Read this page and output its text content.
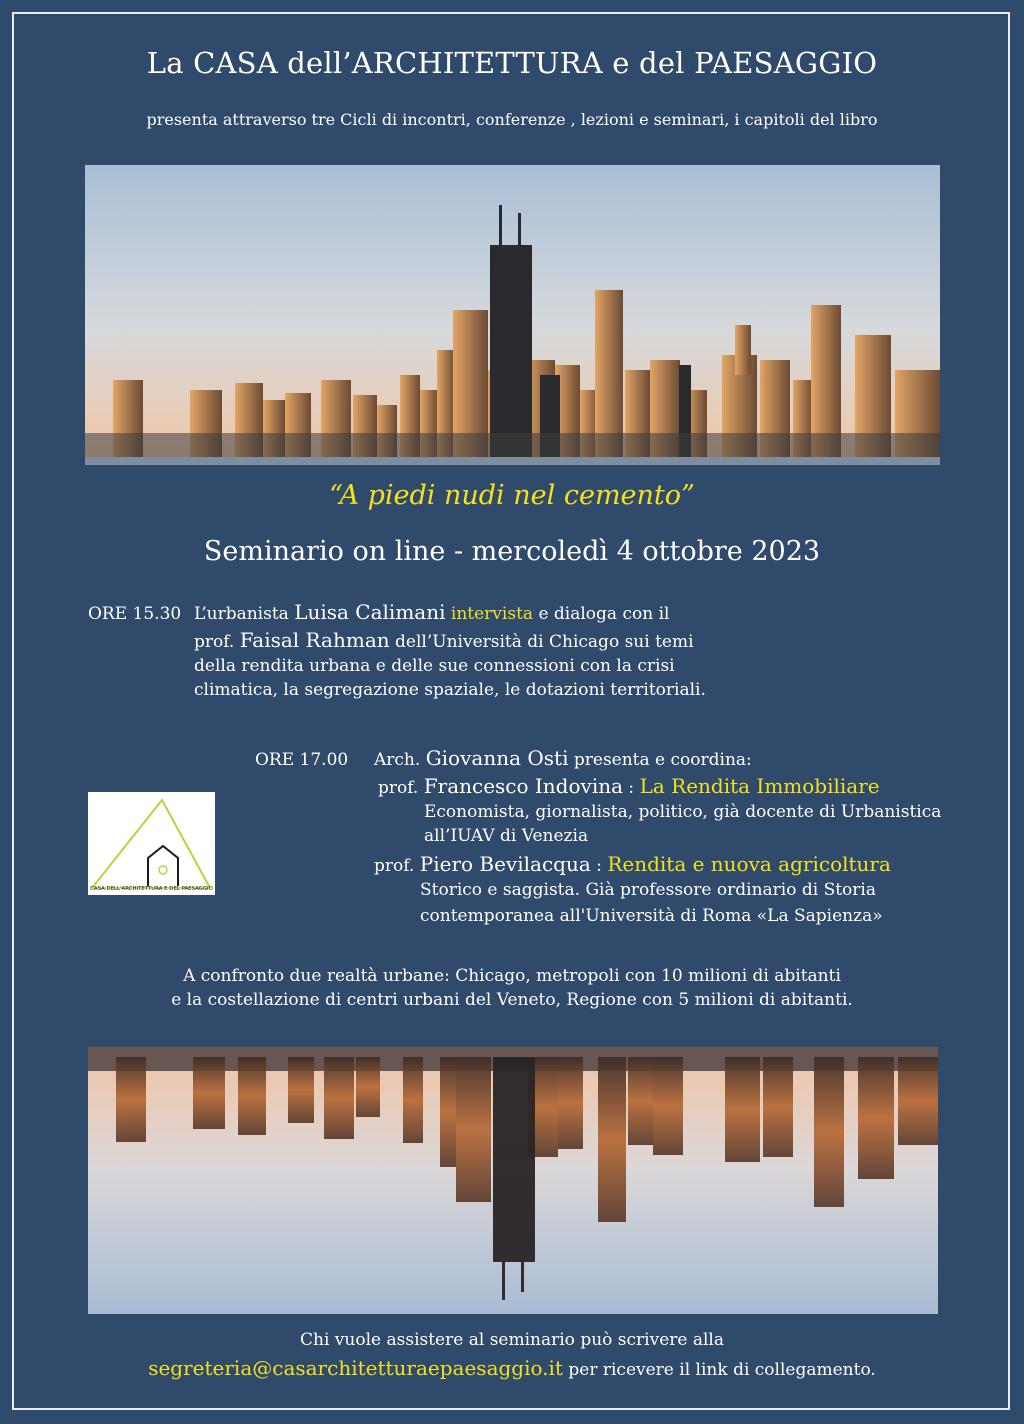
La CASA dell’ARCHITETTURA e del PAESAGGIO
presenta attraverso tre Cicli di incontri, conferenze , lezioni e seminari, i capitoli del libro
“A piedi nudi nel cemento”
Seminario on line - mercoledì 4 ottobre 2023
ORE 15.30 L’urbanista Luisa Calimani intervista e dialoga con il
prof. Faisal Rahman dell’Università di Chicago sui temi
della rendita urbana e delle sue connessioni con la crisi
climatica, la segregazione spaziale, le dotazioni territoriali.
ORE 17.00 Arch. Giovanna Osti presenta e coordina:
prof. Francesco Indovina : La Rendita Immobiliare
Economista, giornalista, politico, già docente di Urbanistica
all’IUAV di Venezia
prof. Piero Bevilacqua : Rendita e nuova agricoltura
Storico e saggista. Già professore ordinario di Storia
contemporanea all'Università di Roma «La Sapienza»
CASA DELL'ARCHITETTURA E DEL PAESAGGIO
A confronto due realtà urbane: Chicago, metropoli con 10 milioni di abitanti
e la costellazione di centri urbani del Veneto, Regione con 5 milioni di abitanti.
Chi vuole assistere al seminario può scrivere alla
segreteria@casarchitetturaepaesaggio.it per ricevere il link di collegamento.
